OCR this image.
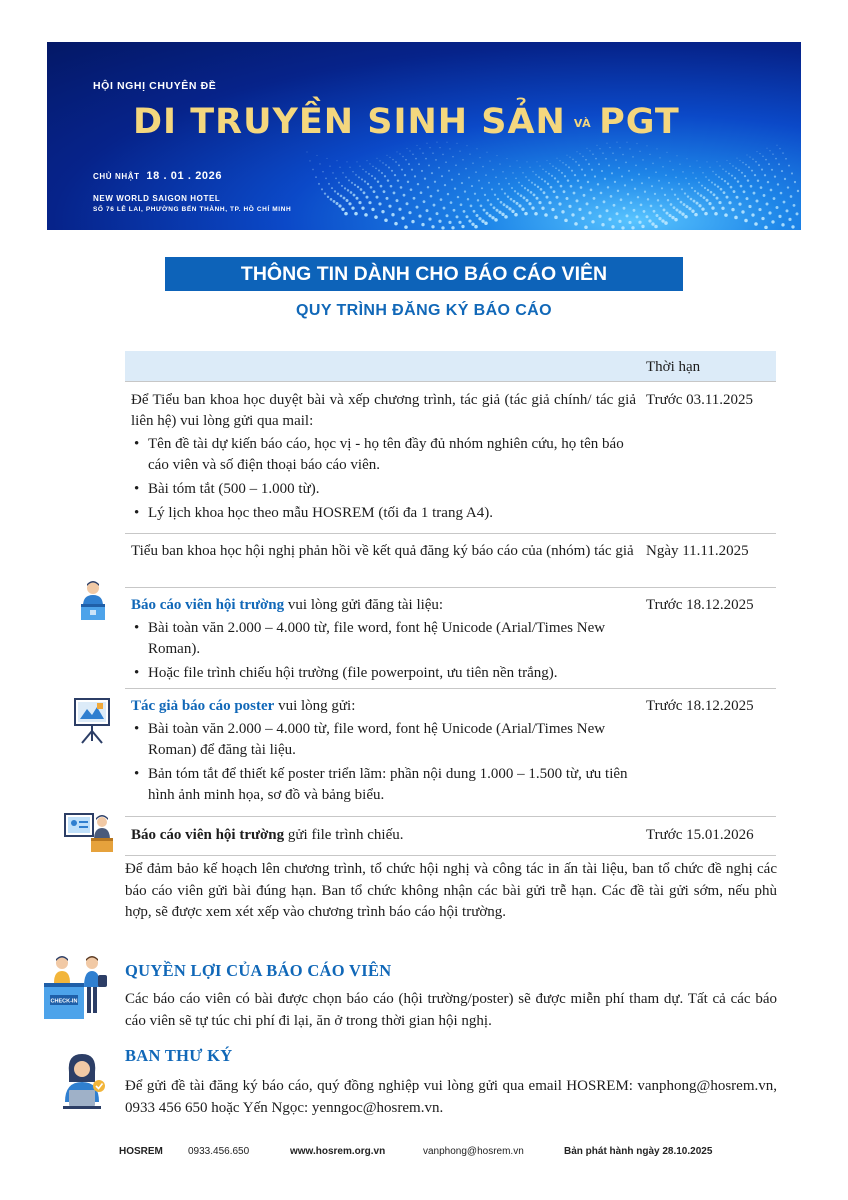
HỘI NGHỊ CHUYÊN ĐỀ
DI TRUYỀN SINH SẢN VÀ PGT
CHỦ NHẬT 18 . 01 . 2026
NEW WORLD SAIGON HOTEL
SỐ 76 LÊ LAI, PHƯỜNG BẾN THÀNH, TP. HỒ CHÍ MINH
THÔNG TIN DÀNH CHO BÁO CÁO VIÊN
QUY TRÌNH ĐĂNG KÝ BÁO CÁO
Thời hạn
Để Tiểu ban khoa học duyệt bài và xếp chương trình, tác giả (tác giả chính/ tác giả liên hệ) vui lòng gửi qua mail:
• Tên đề tài dự kiến báo cáo, học vị - họ tên đầy đủ nhóm nghiên cứu, họ tên báo cáo viên và số điện thoại báo cáo viên.
• Bài tóm tắt (500 – 1.000 từ).
• Lý lịch khoa học theo mẫu HOSREM (tối đa 1 trang A4).
Trước 03.11.2025
Tiểu ban khoa học hội nghị phản hồi về kết quả đăng ký báo cáo của (nhóm) tác giả Ngày 11.11.2025
Báo cáo viên hội trường vui lòng gửi đăng tài liệu:
• Bài toàn văn 2.000 – 4.000 từ, file word, font hệ Unicode (Arial/Times New Roman).
• Hoặc file trình chiếu hội trường (file powerpoint, ưu tiên nền trắng).
Trước 18.12.2025
Tác giả báo cáo poster vui lòng gửi:
• Bài toàn văn 2.000 – 4.000 từ, file word, font hệ Unicode (Arial/Times New Roman) để đăng tài liệu.
• Bản tóm tắt để thiết kế poster triển lãm: phần nội dung 1.000 – 1.500 từ, ưu tiên hình ảnh minh họa, sơ đồ và bảng biểu.
Trước 18.12.2025
Báo cáo viên hội trường gửi file trình chiếu.	Trước 15.01.2026
Để đảm bảo kế hoạch lên chương trình, tổ chức hội nghị và công tác in ấn tài liệu, ban tổ chức đề nghị các báo cáo viên gửi bài đúng hạn. Ban tổ chức không nhận các bài gửi trễ hạn. Các đề tài gửi sớm, nếu phù hợp, sẽ được xem xét xếp vào chương trình báo cáo hội trường.
CHECK-IN
QUYỀN LỢI CỦA BÁO CÁO VIÊN
Các báo cáo viên có bài được chọn báo cáo (hội trường/poster) sẽ được miễn phí tham dự. Tất cả các báo cáo viên sẽ tự túc chi phí đi lại, ăn ở trong thời gian hội nghị.
BAN THƯ KÝ
Để gửi đề tài đăng ký báo cáo, quý đồng nghiệp vui lòng gửi qua email HOSREM: vanphong@hosrem.vn, 0933 456 650 hoặc Yến Ngọc: yenngoc@hosrem.vn.
HOSREM	0933.456.650	www.hosrem.org.vn	vanphong@hosrem.vn	Bản phát hành ngày 28.10.2025
